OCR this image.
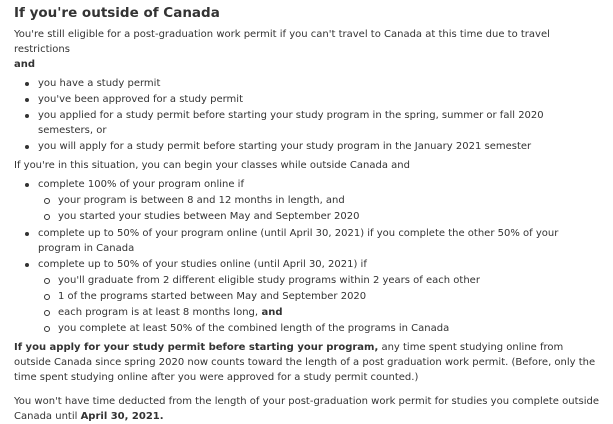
If you're outside of Canada

You're still eligible for a post-graduation work permit if you can't travel to Canada at this time due to travel restrictions
and

you have a study permit
you've been approved for a study permit
you applied for a study permit before starting your study program in the spring, summer or fall 2020 semesters, or
you will apply for a study permit before starting your study program in the January 2021 semester

If you're in this situation, you can begin your classes while outside Canada and

complete 100% of your program online if
your program is between 8 and 12 months in length, and
you started your studies between May and September 2020
complete up to 50% of your program online (until April 30, 2021) if you complete the other 50% of your program in Canada
complete up to 50% of your studies online (until April 30, 2021) if
you'll graduate from 2 different eligible study programs within 2 years of each other
1 of the programs started between May and September 2020
each program is at least 8 months long, and
you complete at least 50% of the combined length of the programs in Canada

If you apply for your study permit before starting your program, any time spent studying online from outside Canada since spring 2020 now counts toward the length of a post graduation work permit. (Before, only the time spent studying online after you were approved for a study permit counted.)

You won't have time deducted from the length of your post-graduation work permit for studies you complete outside Canada until April 30, 2021.
